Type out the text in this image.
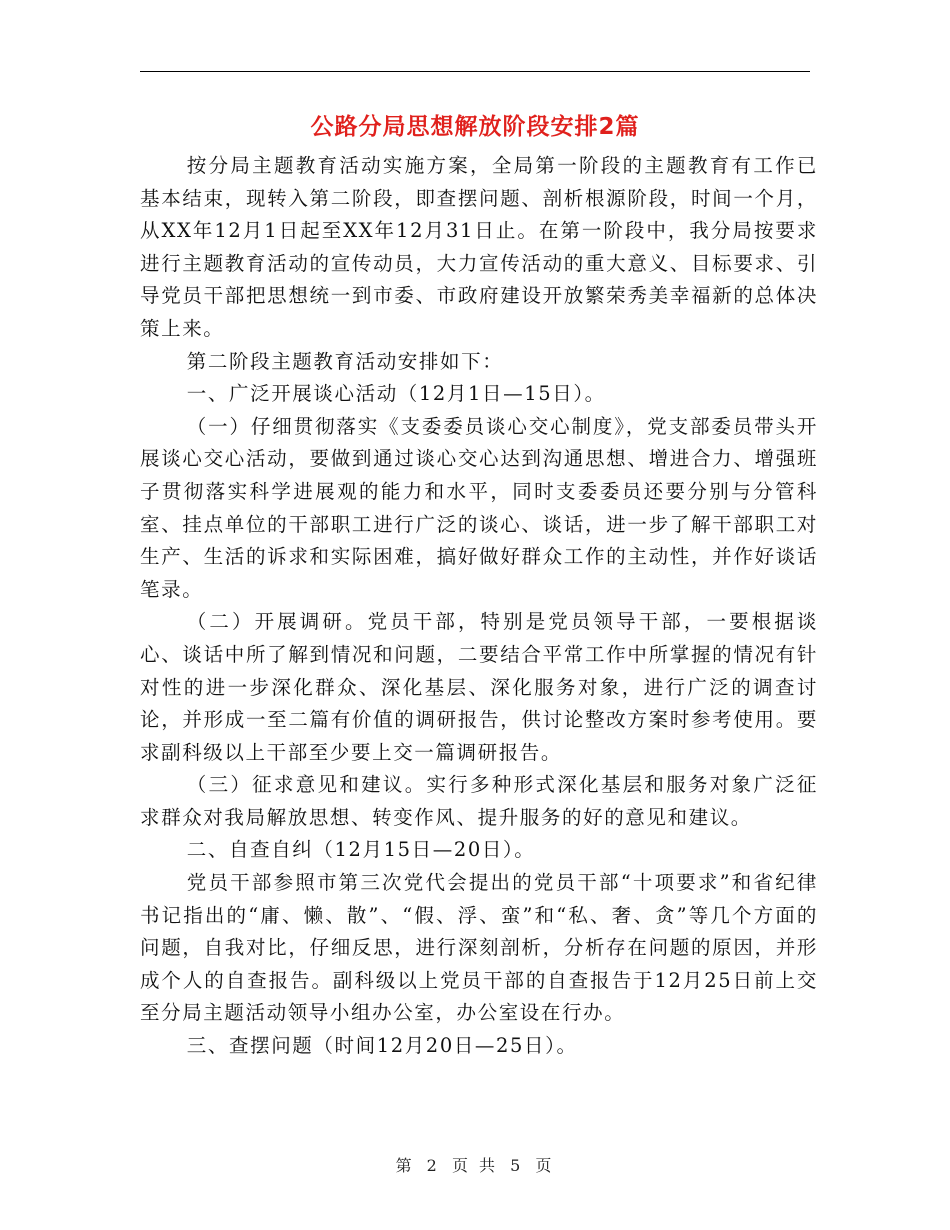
公路分局思想解放阶段安排2篇

按分局主题教育活动实施方案，全局第一阶段的主题教育有工作已基本结束，现转入第二阶段，即查摆问题、剖析根源阶段，时间一个月，从XX年12月1日起至XX年12月31日止。在第一阶段中，我分局按要求进行主题教育活动的宣传动员，大力宣传活动的重大意义、目标要求、引导党员干部把思想统一到市委、市政府建设开放繁荣秀美幸福新的总体决策上来。

第二阶段主题教育活动安排如下：

一、广泛开展谈心活动（12月1日—15日）。

（一）仔细贯彻落实《支委委员谈心交心制度》，党支部委员带头开展谈心交心活动，要做到通过谈心交心达到沟通思想、增进合力、增强班子贯彻落实科学进展观的能力和水平，同时支委委员还要分别与分管科室、挂点单位的干部职工进行广泛的谈心、谈话，进一步了解干部职工对生产、生活的诉求和实际困难，搞好做好群众工作的主动性，并作好谈话笔录。

（二）开展调研。党员干部，特别是党员领导干部，一要根据谈心、谈话中所了解到情况和问题，二要结合平常工作中所掌握的情况有针对性的进一步深化群众、深化基层、深化服务对象，进行广泛的调查讨论，并形成一至二篇有价值的调研报告，供讨论整改方案时参考使用。要求副科级以上干部至少要上交一篇调研报告。

（三）征求意见和建议。实行多种形式深化基层和服务对象广泛征求群众对我局解放思想、转变作风、提升服务的好的意见和建议。

二、自查自纠（12月15日—20日）。

党员干部参照市第三次党代会提出的党员干部“十项要求”和省纪律书记指出的“庸、懒、散”、“假、浮、蛮”和“私、奢、贪”等几个方面的问题，自我对比，仔细反思，进行深刻剖析，分析存在问题的原因，并形成个人的自查报告。副科级以上党员干部的自查报告于12月25日前上交至分局主题活动领导小组办公室，办公室设在行办。

三、查摆问题（时间12月20日—25日）。

第 2 页 共 5 页
